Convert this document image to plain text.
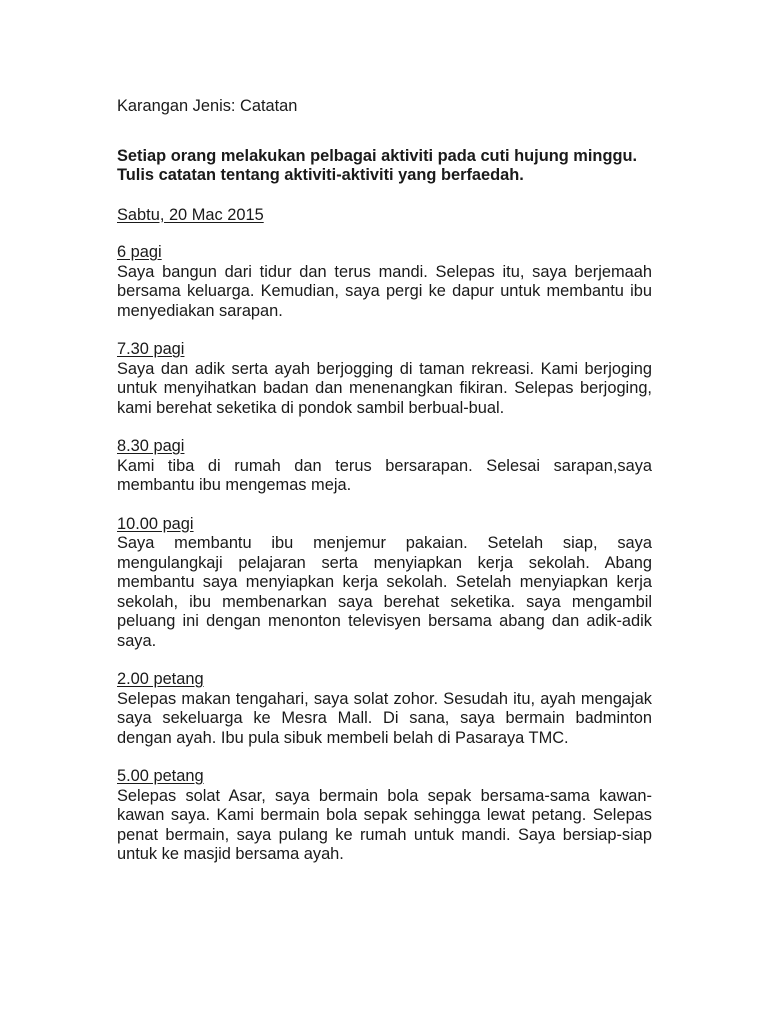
Karangan Jenis: Catatan

Setiap orang melakukan pelbagai aktiviti pada cuti hujung minggu. Tulis catatan tentang aktiviti-aktiviti yang berfaedah.

Sabtu, 20 Mac 2015

6 pagi

Saya bangun dari tidur dan terus mandi. Selepas itu, saya berjemaah bersama keluarga. Kemudian, saya pergi ke dapur untuk membantu ibu menyediakan sarapan.

7.30 pagi

Saya dan adik serta ayah berjogging di taman rekreasi. Kami berjoging untuk menyihatkan badan dan menenangkan fikiran. Selepas berjoging, kami berehat seketika di pondok sambil berbual-bual.

8.30 pagi

Kami tiba di rumah dan terus bersarapan. Selesai sarapan,saya membantu ibu mengemas meja.

10.00 pagi

Saya membantu ibu menjemur pakaian. Setelah siap, saya mengulangkaji pelajaran serta menyiapkan kerja sekolah. Abang membantu saya menyiapkan kerja sekolah. Setelah menyiapkan kerja sekolah, ibu membenarkan saya berehat seketika. saya mengambil peluang ini dengan menonton televisyen bersama abang dan adik-adik saya.

2.00 petang

Selepas makan tengahari, saya solat zohor. Sesudah itu, ayah mengajak saya sekeluarga ke Mesra Mall. Di sana, saya bermain badminton dengan ayah. Ibu pula sibuk membeli belah di Pasaraya TMC.

5.00 petang

Selepas solat Asar, saya bermain bola sepak bersama-sama kawan-kawan saya. Kami bermain bola sepak sehingga lewat petang. Selepas penat bermain, saya pulang ke rumah untuk mandi. Saya bersiap-siap untuk ke masjid bersama ayah.
